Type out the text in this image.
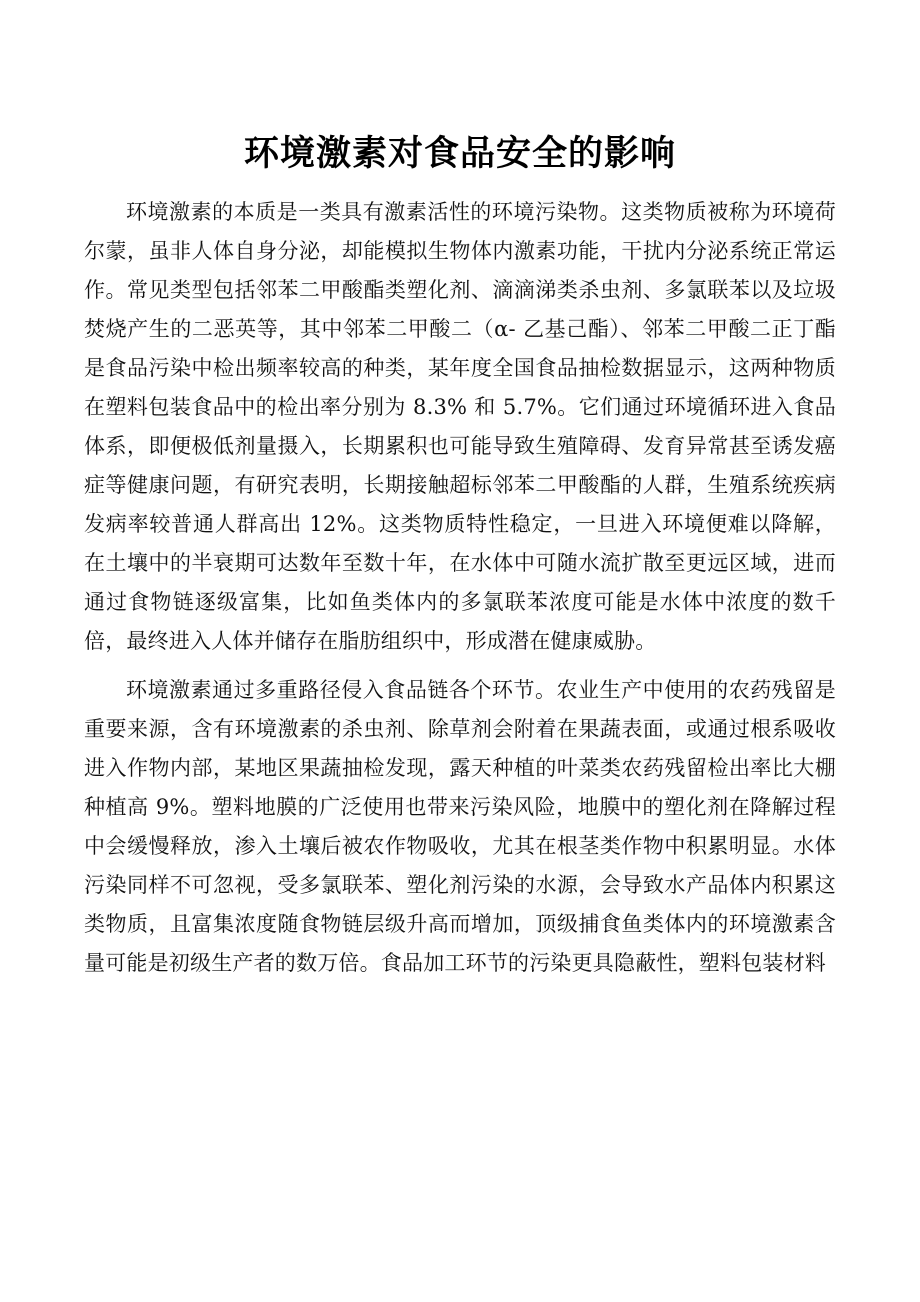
环境激素对食品安全的影响

环境激素的本质是一类具有激素活性的环境污染物。这类物质被称为环境荷尔蒙，虽非人体自身分泌，却能模拟生物体内激素功能，干扰内分泌系统正常运作。常见类型包括邻苯二甲酸酯类塑化剂、滴滴涕类杀虫剂、多氯联苯以及垃圾焚烧产生的二恶英等，其中邻苯二甲酸二（α- 乙基己酯）、邻苯二甲酸二正丁酯是食品污染中检出频率较高的种类，某年度全国食品抽检数据显示，这两种物质在塑料包装食品中的检出率分别为 8.3% 和 5.7%。它们通过环境循环进入食品体系，即便极低剂量摄入，长期累积也可能导致生殖障碍、发育异常甚至诱发癌症等健康问题，有研究表明，长期接触超标邻苯二甲酸酯的人群，生殖系统疾病发病率较普通人群高出 12%。这类物质特性稳定，一旦进入环境便难以降解，在土壤中的半衰期可达数年至数十年，在水体中可随水流扩散至更远区域，进而通过食物链逐级富集，比如鱼类体内的多氯联苯浓度可能是水体中浓度的数千倍，最终进入人体并储存在脂肪组织中，形成潜在健康威胁。

环境激素通过多重路径侵入食品链各个环节。农业生产中使用的农药残留是重要来源，含有环境激素的杀虫剂、除草剂会附着在果蔬表面，或通过根系吸收进入作物内部，某地区果蔬抽检发现，露天种植的叶菜类农药残留检出率比大棚种植高 9%。塑料地膜的广泛使用也带来污染风险，地膜中的塑化剂在降解过程中会缓慢释放，渗入土壤后被农作物吸收，尤其在根茎类作物中积累明显。水体污染同样不可忽视，受多氯联苯、塑化剂污染的水源，会导致水产品体内积累这类物质，且富集浓度随食物链层级升高而增加，顶级捕食鱼类体内的环境激素含量可能是初级生产者的数万倍。食品加工环节的污染更具隐蔽性，塑料包装材料
